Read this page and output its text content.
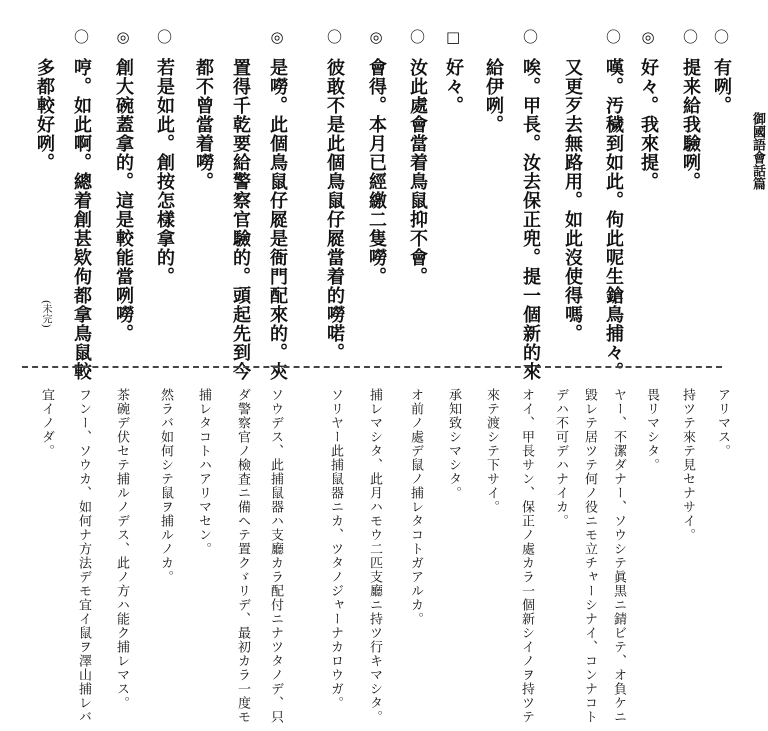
御國語會話篇
〇
〇
◎
〇
〇
□
〇
◎
〇
◎
〇
◎
〇
有咧。
提来給我驗咧。
好々。我來提。
嘆。汚穢到如此。佝此呢生鎗鳥捕々。
又更歹去無路用。如此沒使得嗎。
唉。甲長。汝去保正兜。提一個新的來
給伊咧。
好々。
汝此處會當着鳥鼠抑不會。
會得。本月已經繳二隻嘮。
彼敢不是此個鳥鼠仔㞞當着的嘮喏。
是嘮。此個鳥鼠仔㞞是衙門配來的。㚒
置得千乾要給警察官驗的。頭起先到今
都不曾當着嘮。
若是如此。創按怎樣拿的。
創大碗蓋拿的。這是較能當咧嘮。
哼。如此啊。總着創甚欵佝都拿鳥鼠較
多都較好咧。
(未完)
アリマス。
持ツテ來テ見セナサイ。
畏リマシタ。
ヤー、不潔ダナー、ソウシテ眞黒ニ錆ビテ、オ負ケニ
毀レテ居ツテ何ノ役ニモ立チャーシナイ、コンナコト
デハ不可デハナイカ。
オイ、甲長サン、保正ノ處カラ一個新シイノヲ持ツテ
來テ渡シテ下サイ。
承知致シマシタ。
オ前ノ處デ鼠ノ捕レタコトガアルカ。
捕レマシタ、此月ハモウ二匹支廳ニ持ツ行キマシタ。
ソリヤー此捕鼠器ニカ、ツタノジャーナカロウガ。
ソウデス、此捕鼠器ハ支廳カラ配付ニナツタノデ、只
ダ警察官ノ檢査ニ備ヘテ置クゞリデ、最初カラ一度モ
捕レタコトハアリマセン。
然ラバ如何シテ鼠ヲ捕ルノカ。
茶碗デ伏セテ捕ルノデス、此ノ方ハ能ク捕レマス。
フンー、ソウカ、如何ナ方法デモ宜イ鼠ヲ澤山捕レバ
宜イノダ。
